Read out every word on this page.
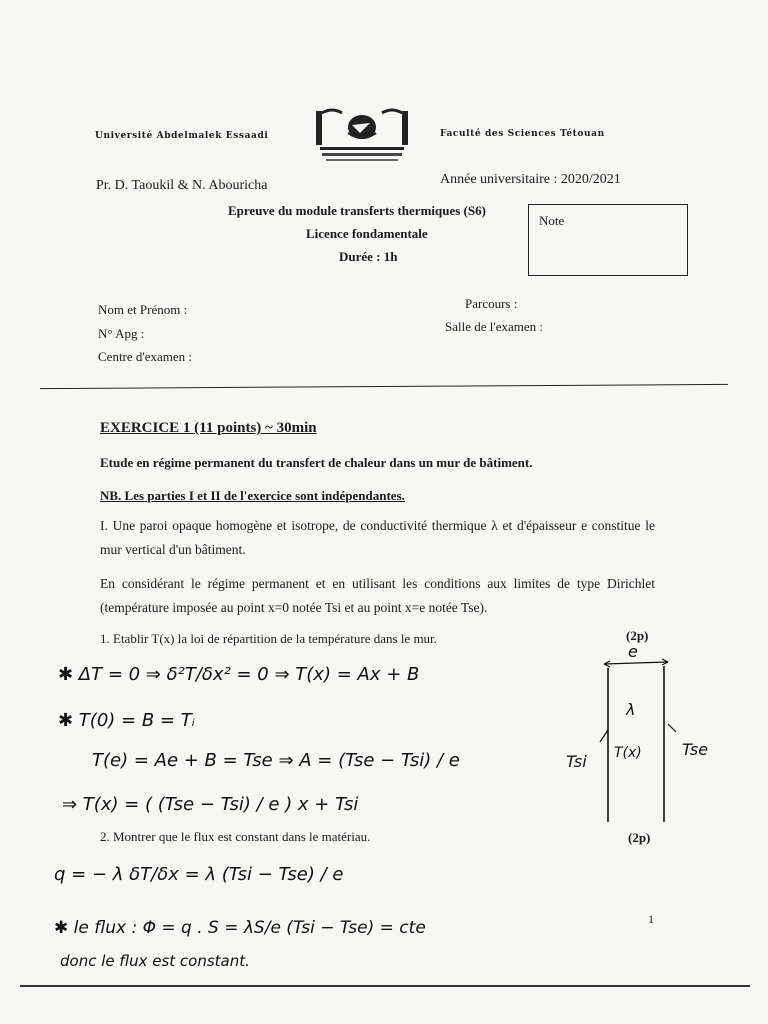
Université Abdelmalek Essaadi	Faculté des Sciences Tétouan
Pr. D. Taoukil & N. Abouricha	Année universitaire : 2020/2021
Epreuve du module transferts thermiques (S6)
Licence fondamentale
Durée : 1h
Note
Nom et Prénom :
N° Apg :
Centre d'examen :
Parcours :
Salle de l'examen :
EXERCICE 1 (11 points) ~ 30min
Etude en régime permanent du transfert de chaleur dans un mur de bâtiment.
NB. Les parties I et II de l'exercice sont indépendantes.
I. Une paroi opaque homogène et isotrope, de conductivité thermique λ et d'épaisseur e constitue le mur vertical d'un bâtiment.
En considérant le régime permanent et en utilisant les conditions aux limites de type Dirichlet (température imposée au point x=0 notée Tsi et au point x=e notée Tse).
1. Etablir T(x) la loi de répartition de la température dans le mur.	(2p)
✱ ΔT = 0 ⇒ δ²T/δx² = 0 ⇒ T(x) = Ax + B
✱ T(0) = B = Tᵢ
T(e) = Ae + B = Tse ⇒ A = (Tse − Tsi) / e
⇒ T(x) = ( (Tse − Tsi) / e ) x + Tsi
e
λ
T(x)
Tsi
Tse
2. Montrer que le flux est constant dans le matériau.	(2p)
q = − λ δT/δx = λ (Tsi − Tse) / e
✱ le flux : Φ = q . S = λS/e (Tsi − Tse) = cte
donc le flux est constant.
1
